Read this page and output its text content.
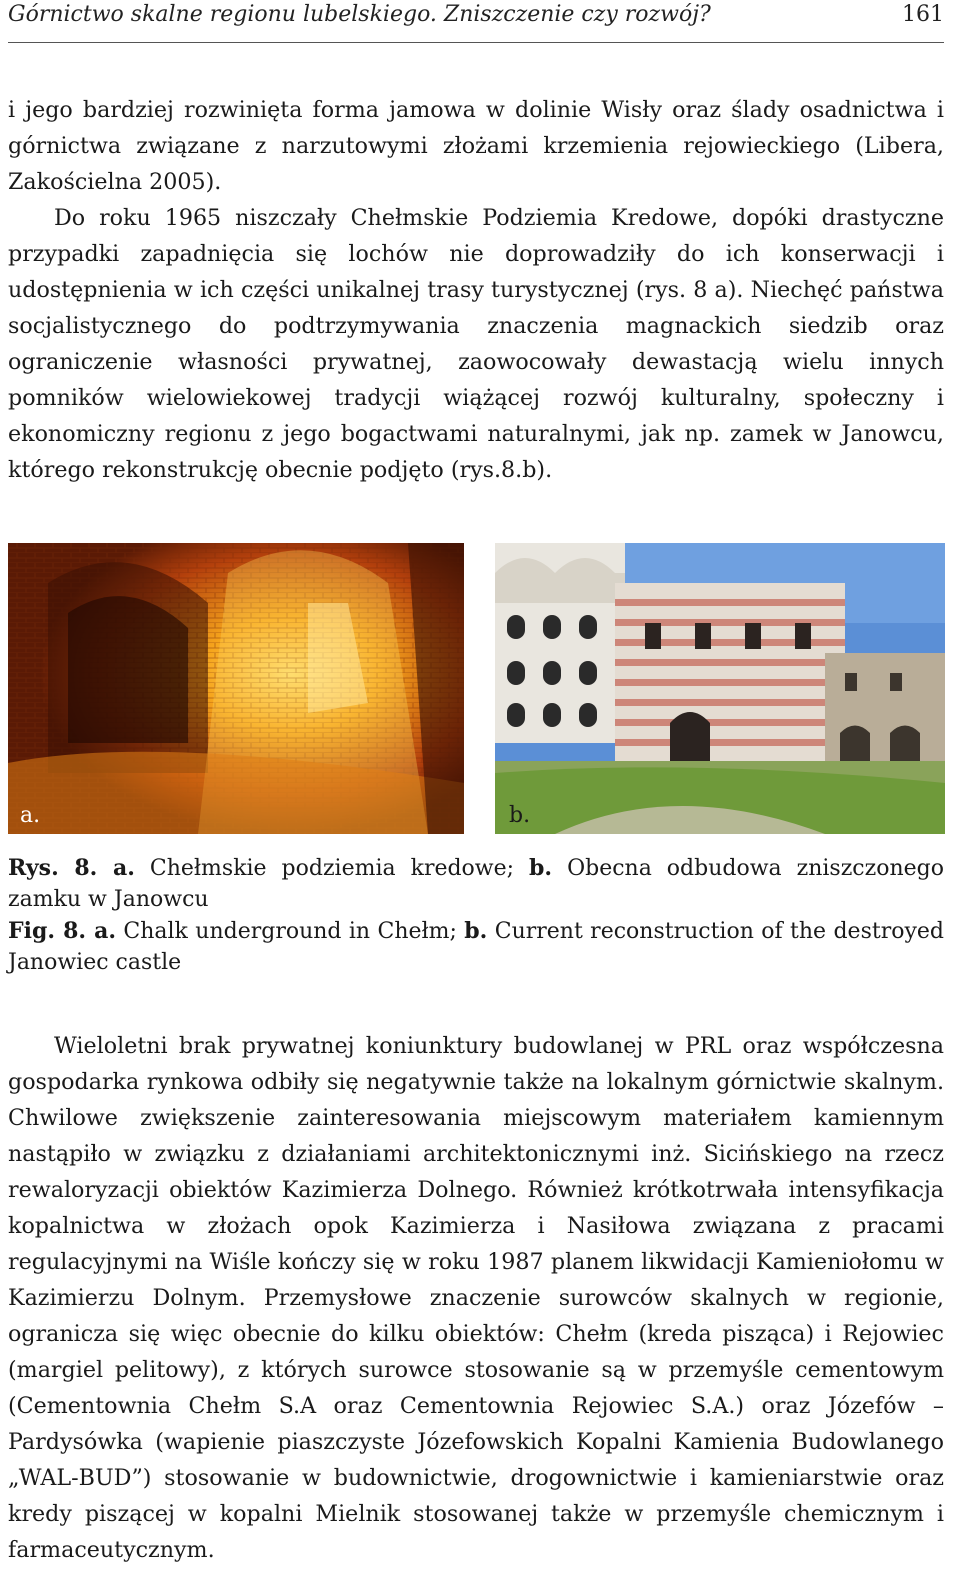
Górnictwo skalne regionu lubelskiego. Zniszczenie czy rozwój?	161

i jego bardziej rozwinięta forma jamowa w dolinie Wisły oraz ślady osadnictwa i górnictwa związane z narzutowymi złożami krzemienia rejowieckiego (Libera, Zakościelna 2005).

Do roku 1965 niszczały Chełmskie Podziemia Kredowe, dopóki drastyczne przypadki zapadnięcia się lochów nie doprowadziły do ich konserwacji i udostępnienia w ich części unikalnej trasy turystycznej (rys. 8 a). Niechęć państwa socjalistycznego do podtrzymywania znaczenia magnackich siedzib oraz ograniczenie własności prywatnej, zaowocowały dewastacją wielu innych pomników wielowiekowej tradycji wiążącej rozwój kulturalny, społeczny i ekonomiczny regionu z jego bogactwami naturalnymi, jak np. zamek w Janowcu, którego rekonstrukcję obecnie podjęto (rys.8.b).

a.	b.

Rys. 8. a. Chełmskie podziemia kredowe; b. Obecna odbudowa zniszczonego zamku w Janowcu

Fig. 8. a. Chalk underground in Chełm; b. Current reconstruction of the destroyed Janowiec castle

Wieloletni brak prywatnej koniunktury budowlanej w PRL oraz współczesna gospodarka rynkowa odbiły się negatywnie także na lokalnym górnictwie skalnym. Chwilowe zwiększenie zainteresowania miejscowym materiałem kamiennym nastąpiło w związku z działaniami architektonicznymi inż. Sicińskiego na rzecz rewaloryzacji obiektów Kazimierza Dolnego. Również krótkotrwała intensyfikacja kopalnictwa w złożach opok Kazimierza i Nasiłowa związana z pracami regulacyjnymi na Wiśle kończy się w roku 1987 planem likwidacji Kamieniołomu w Kazimierzu Dolnym. Przemysłowe znaczenie surowców skalnych w regionie, ogranicza się więc obecnie do kilku obiektów: Chełm (kreda pisząca) i Rejowiec (margiel pelitowy), z których surowce stosowanie są w przemyśle cementowym (Cementownia Chełm S.A oraz Cementownia Rejowiec S.A.) oraz Józefów – Pardysówka (wapienie piaszczyste Józefowskich Kopalni Kamienia Budowlanego „WAL-BUD”) stosowanie w budownictwie, drogownictwie i kamieniarstwie oraz kredy piszącej w kopalni Mielnik stosowanej także w przemyśle chemicznym i farmaceutycznym.
